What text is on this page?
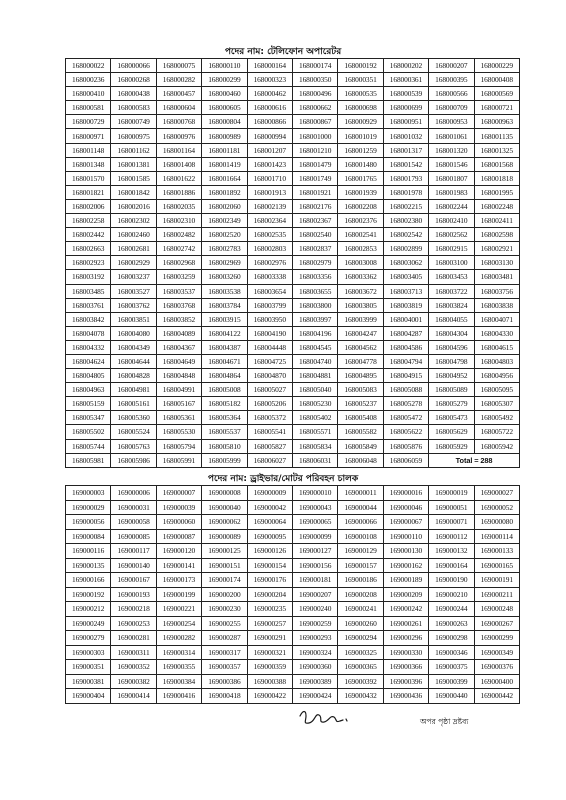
পদের নাম: টেলিফোন অপারেটর
168000022	168000066	168000075	168000110	168000164	168000174	168000192	168000202	168000207	168000229
168000236	168000268	168000282	168000299	168000323	168000350	168000351	168000361	168000395	168000408
168000410	168000438	168000457	168000460	168000462	168000496	168000535	168000539	168000566	168000569
168000581	168000583	168000604	168000605	168000616	168000662	168000698	168000699	168000709	168000721
168000729	168000749	168000768	168000804	168000866	168000867	168000929	168000951	168000953	168000963
168000971	168000975	168000976	168000989	168000994	168001000	168001019	168001032	168001061	168001135
168001148	168001162	168001164	168001181	168001207	168001210	168001259	168001317	168001320	168001325
168001348	168001381	168001408	168001419	168001423	168001479	168001480	168001542	168001546	168001568
168001570	168001585	168001622	168001664	168001710	168001749	168001765	168001793	168001807	168001818
168001821	168001842	168001886	168001892	168001913	168001921	168001939	168001978	168001983	168001995
168002006	168002016	168002035	168002060	168002139	168002176	168002208	168002215	168002244	168002248
168002258	168002302	168002310	168002349	168002364	168002367	168002376	168002380	168002410	168002411
168002442	168002460	168002482	168002520	168002535	168002540	168002541	168002542	168002562	168002598
168002663	168002681	168002742	168002783	168002803	168002837	168002853	168002899	168002915	168002921
168002923	168002929	168002968	168002969	168002976	168002979	168003008	168003062	168003100	168003130
168003192	168003237	168003259	168003260	168003338	168003356	168003362	168003405	168003453	168003481
168003485	168003527	168003537	168003538	168003654	168003655	168003672	168003713	168003722	168003756
168003761	168003762	168003768	168003784	168003799	168003800	168003805	168003819	168003824	168003838
168003842	168003851	168003852	168003915	168003950	168003997	168003999	168004001	168004055	168004071
168004078	168004080	168004089	168004122	168004190	168004196	168004247	168004287	168004304	168004330
168004332	168004349	168004367	168004387	168004448	168004545	168004562	168004586	168004596	168004615
168004624	168004644	168004649	168004671	168004725	168004740	168004778	168004794	168004798	168004803
168004805	168004828	168004848	168004864	168004870	168004881	168004895	168004915	168004952	168004956
168004963	168004981	168004991	168005008	168005027	168005040	168005083	168005088	168005089	168005095
168005159	168005161	168005167	168005182	168005206	168005230	168005237	168005278	168005279	168005307
168005347	168005360	168005361	168005364	168005372	168005402	168005408	168005472	168005473	168005492
168005502	168005524	168005530	168005537	168005541	168005571	168005582	168005622	168005629	168005722
168005744	168005763	168005794	168005810	168005827	168005834	168005849	168005876	168005929	168005942
168005981	168005986	168005991	168005999	168006027	168006031	168006048	168006059	Total = 288	
পদের নাম: ড্রাইভার/মোটর পরিবহন চালক
169000003	169000006	169000007	169000008	169000009	169000010	169000011	169000016	169000019	169000027
169000029	169000031	169000039	169000040	169000042	169000043	169000044	169000046	169000051	169000052
169000056	169000058	169000060	169000062	169000064	169000065	169000066	169000067	169000071	169000080
169000084	169000085	169000087	169000089	169000095	169000099	169000108	169000110	169000112	169000114
169000116	169000117	169000120	169000125	169000126	169000127	169000129	169000130	169000132	169000133
169000135	169000140	169000141	169000151	169000154	169000156	169000157	169000162	169000164	169000165
169000166	169000167	169000173	169000174	169000176	169000181	169000186	169000189	169000190	169000191
169000192	169000193	169000199	169000200	169000204	169000207	169000208	169000209	169000210	169000211
169000212	169000218	169000221	169000230	169000235	169000240	169000241	169000242	169000244	169000248
169000249	169000253	169000254	169000255	169000257	169000259	169000260	169000261	169000263	169000267
169000279	169000281	169000282	169000287	169000291	169000293	169000294	169000296	169000298	169000299
169000303	169000311	169000314	169000317	169000321	169000324	169000325	169000330	169000346	169000349
169000351	169000352	169000355	169000357	169000359	169000360	169000365	169000366	169000375	169000376
169000381	169000382	169000384	169000386	169000388	169000389	169000392	169000396	169000399	169000400
169000404	169000414	169000416	169000418	169000422	169000424	169000432	169000436	169000440	169000442
অপর পৃষ্ঠা দ্রষ্টব্য
